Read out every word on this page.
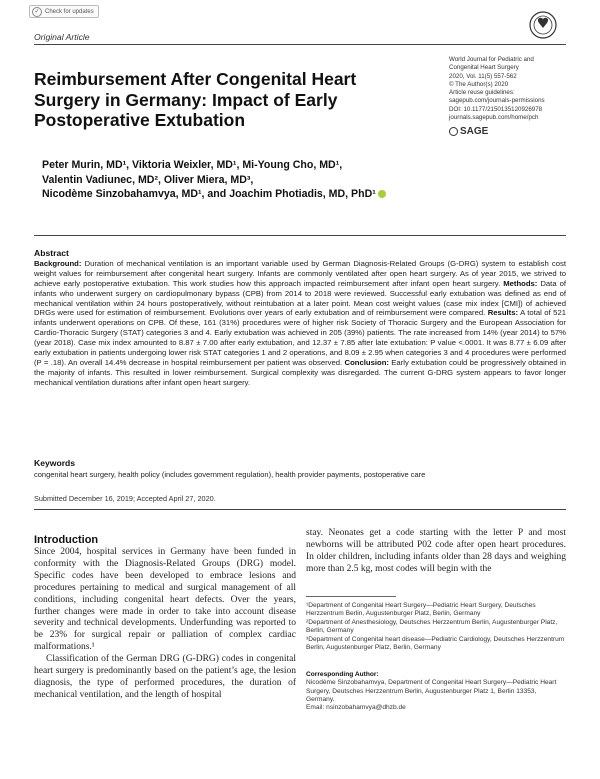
✓ Check for updates
Original Article
Reimbursement After Congenital Heart Surgery in Germany: Impact of Early Postoperative Extubation
World Journal for Pediatric and
Congenital Heart Surgery
2020, Vol. 11(5) 557-562
© The Author(s) 2020
Article reuse guidelines:
sagepub.com/journals-permissions
DOI: 10.1177/2150135120926978
journals.sagepub.com/home/pch
SAGE
Peter Murin, MD¹, Viktoria Weixler, MD¹, Mi-Young Cho, MD¹,
Valentin Vadiunec, MD², Oliver Miera, MD³,
Nicodème Sinzobahamvya, MD¹, and Joachim Photiadis, MD, PhD¹
Abstract
Background: Duration of mechanical ventilation is an important variable used by German Diagnosis-Related Groups (G-DRG) system to establish cost weight values for reimbursement after congenital heart surgery. Infants are commonly ventilated after open heart surgery. As of year 2015, we strived to achieve early postoperative extubation. This work studies how this approach impacted reimbursement after infant open heart surgery. Methods: Data of infants who underwent surgery on cardiopulmonary bypass (CPB) from 2014 to 2018 were reviewed. Successful early extubation was defined as end of mechanical ventilation within 24 hours postoperatively, without reintubation at a later point. Mean cost weight values (case mix index [CMI]) of achieved DRGs were used for estimation of reimbursement. Evolutions over years of early extubation and of reimbursement were compared. Results: A total of 521 infants underwent operations on CPB. Of these, 161 (31%) procedures were of higher risk Society of Thoracic Surgery and the European Association for Cardio-Thoracic Surgery (STAT) categories 3 and 4. Early extubation was achieved in 205 (39%) patients. The rate increased from 14% (year 2014) to 57% (year 2018). Case mix index amounted to 8.87 ± 7.00 after early extubation, and 12.37 ± 7.85 after late extubation: P value <.0001. It was 8.77 ± 6.09 after early extubation in patients undergoing lower risk STAT categories 1 and 2 operations, and 8.09 ± 2.95 when categories 3 and 4 procedures were performed (P = .18). An overall 14.4% decrease in hospital reimbursement per patient was observed. Conclusion: Early extubation could be progressively obtained in the majority of infants. This resulted in lower reimbursement. Surgical complexity was disregarded. The current G-DRG system appears to favor longer mechanical ventilation durations after infant open heart surgery.
Keywords
congenital heart surgery, health policy (includes government regulation), health provider payments, postoperative care
Submitted December 16, 2019; Accepted April 27, 2020.
Introduction

Since 2004, hospital services in Germany have been funded in conformity with the Diagnosis-Related Groups (DRG) model. Specific codes have been developed to embrace lesions and procedures pertaining to medical and surgical management of all conditions, including congenital heart defects. Over the years, further changes were made in order to take into account disease severity and technical developments. Underfunding was reported to be 23% for surgical repair or palliation of complex cardiac malformations.¹

Classification of the German DRG (G-DRG) codes in congenital heart surgery is predominantly based on the patient’s age, the lesion diagnosis, the type of performed procedures, the duration of mechanical ventilation, and the length of hospital

stay. Neonates get a code starting with the letter P and most newborns will be attributed P02 code after open heart procedures. In older children, including infants older than 28 days and weighing more than 2.5 kg, most codes will begin with the

¹Department of Congenital Heart Surgery—Pediatric Heart Surgery, Deutsches Herzzentrum Berlin, Augustenburger Platz, Berlin, Germany

²Department of Anesthesiology, Deutsches Herzzentrum Berlin, Augustenburger Platz, Berlin, Germany

³Department of Congenital heart disease—Pediatric Cardiology, Deutsches Herzzentrum Berlin, Augustenburger Platz, Berlin, Germany

Corresponding Author:
Nicodème Sinzobahamvya, Department of Congenital Heart Surgery—Pediatric Heart Surgery, Deutsches Herzzentrum Berlin, Augustenburger Platz 1, Berlin 13353, Germany.
Email: nsinzobahamvya@dhzb.de
